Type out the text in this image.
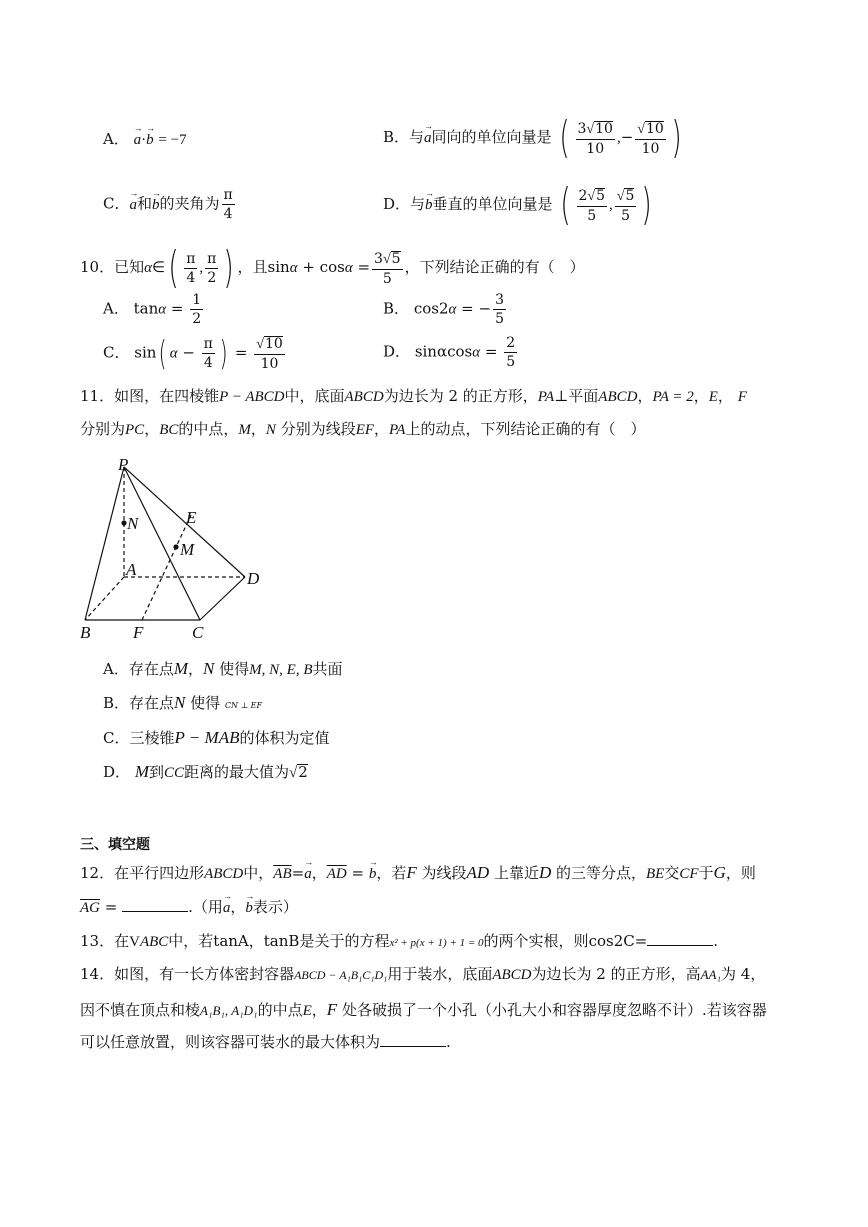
A． → a·→ b = −7	B．与→ a同向的单位向量是 ( $\frac{3√10}{10}$ ,− $\frac{√10}{10}$ )
C．→ a和→ b的夹角为 $\frac{\pi}{4}$	D．与→ b垂直的单位向量是 ( $\frac{2√5}{5}$ , $\frac{√5}{5}$ )
10．已知α∈( $\frac{\pi}{4}$ , $\frac{\pi}{2}$ ) ，且$\sin\alpha + \cos\alpha = \frac{3√5}{5}$ ，下列结论正确的有（　）
A． $\tan\alpha = \frac{1}{2}$	B． cos2α = − $\frac{3}{5}$
C． sin( $\alpha - \frac{\pi}{4}$ ) = $\frac{√10}{10}$	D． $\sin\alpha\cos\alpha = \frac{2}{5}$
11．如图，在四棱锥P − ABCD中，底面ABCD为边长为 2 的正方形，PA⊥平面ABCD，PA = 2，E， F
分别为PC，BC的中点，M，N 分别为线段EF，PA上的动点，下列结论正确的有（　）
P
N	E
M
A	D
B	F	C
A．存在点M，N 使得M, N, E, B共面
B．存在点N 使得 CN ⊥ EF
C．三棱锥P − MAB的体积为定值
D． M到CC距离的最大值为√2
三、填空题
12．在平行四边形ABCD中，$\overline{AB}=\to a$，$\overline{AD}$ = → b，若F 为线段AD 上靠近D 的三等分点，BE交CF于G，则
$\overline{AG}$ =	.（用→ a，→ b表示）
13．在VABC中，若tanA，tanB是关于的方程x² + p(x + 1) + 1 = 0的两个实根，则cos2C=	.
14．如图，有一长方体密封容器ABCD − A₁B₁C₁D₁用于装水，底面ABCD为边长为 2 的正方形，高AA₁为 4，
因不慎在顶点和棱A₁B₁, A₁D₁的中点E，F 处各破损了一个小孔（小孔大小和容器厚度忽略不计）.若该容器
可以任意放置，则该容器可装水的最大体积为	.
